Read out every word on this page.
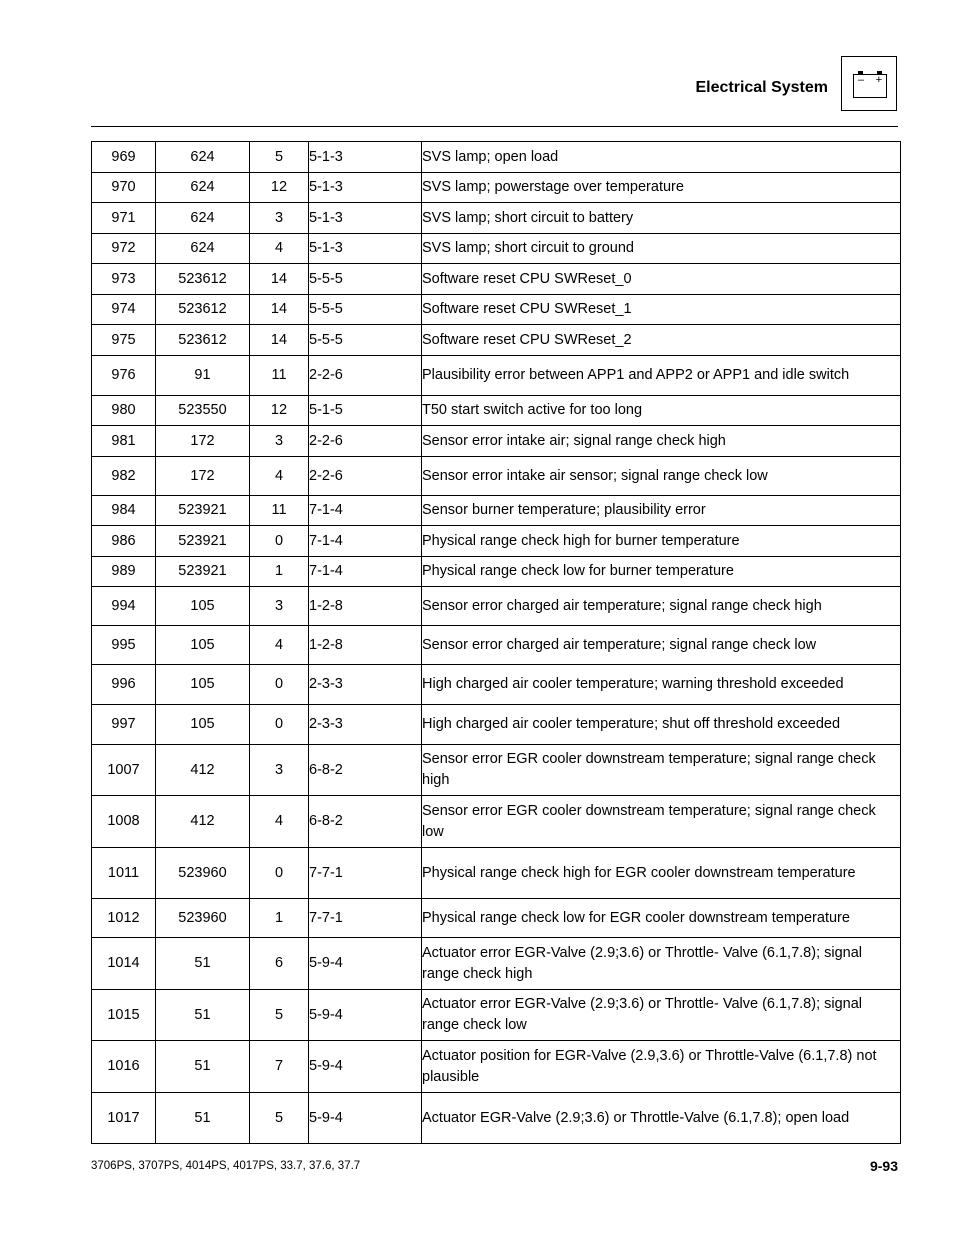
Electrical System	– +
969	624	5	5-1-3	SVS lamp; open load
970	624	12	5-1-3	SVS lamp; powerstage over temperature
971	624	3	5-1-3	SVS lamp; short circuit to battery
972	624	4	5-1-3	SVS lamp; short circuit to ground
973	523612	14	5-5-5	Software reset CPU SWReset_0
974	523612	14	5-5-5	Software reset CPU SWReset_1
975	523612	14	5-5-5	Software reset CPU SWReset_2
976	91	11	2-2-6	Plausibility error between APP1 and APP2 or APP1 and idle switch
980	523550	12	5-1-5	T50 start switch active for too long
981	172	3	2-2-6	Sensor error intake air; signal range check high
982	172	4	2-2-6	Sensor error intake air sensor; signal range check low
984	523921	11	7-1-4	Sensor burner temperature; plausibility error
986	523921	0	7-1-4	Physical range check high for burner temperature
989	523921	1	7-1-4	Physical range check low for burner temperature
994	105	3	1-2-8	Sensor error charged air temperature; signal range check high
995	105	4	1-2-8	Sensor error charged air temperature; signal range check low
996	105	0	2-3-3	High charged air cooler temperature; warning threshold exceeded
997	105	0	2-3-3	High charged air cooler temperature; shut off threshold exceeded
1007	412	3	6-8-2	Sensor error EGR cooler downstream temperature; signal range check high
1008	412	4	6-8-2	Sensor error EGR cooler downstream temperature; signal range check low
1011	523960	0	7-7-1	Physical range check high for EGR cooler downstream temperature
1012	523960	1	7-7-1	Physical range check low for EGR cooler downstream temperature
1014	51	6	5-9-4	Actuator error EGR-Valve (2.9;3.6) or Throttle- Valve (6.1,7.8); signal range check high
1015	51	5	5-9-4	Actuator error EGR-Valve (2.9;3.6) or Throttle- Valve (6.1,7.8); signal range check low
1016	51	7	5-9-4	Actuator position for EGR-Valve (2.9,3.6) or Throttle-Valve (6.1,7.8) not plausible
1017	51	5	5-9-4	Actuator EGR-Valve (2.9;3.6) or Throttle-Valve (6.1,7.8); open load
3706PS, 3707PS, 4014PS, 4017PS, 33.7, 37.6, 37.7	9-93
